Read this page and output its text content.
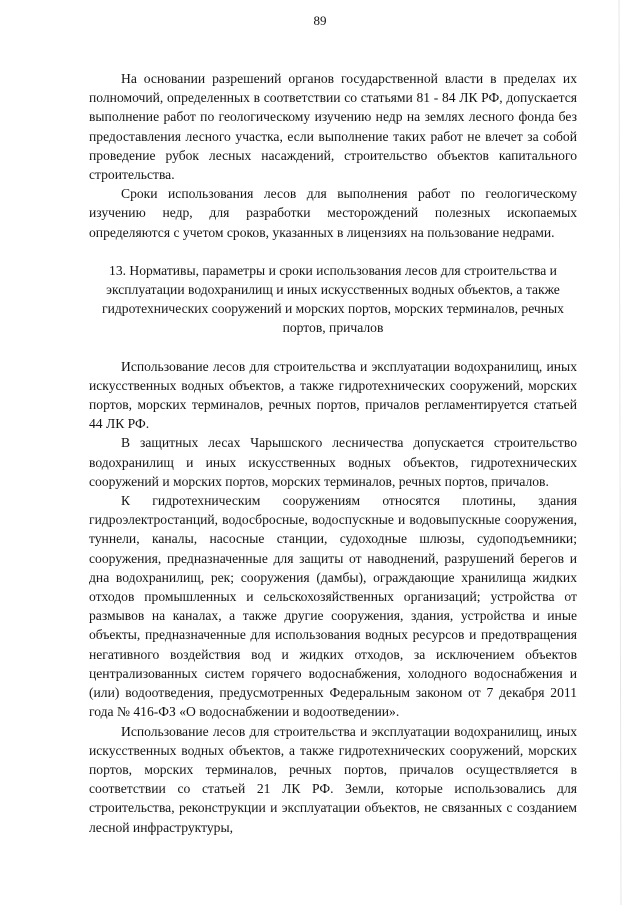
89

На основании разрешений органов государственной власти в пределах их полномочий, определенных в соответствии со статьями 81 - 84 ЛК РФ, допускается выполнение работ по геологическому изучению недр на землях лесного фонда без предоставления лесного участка, если выполнение таких работ не влечет за собой проведение рубок лесных насаждений, строительство объектов капитального строительства.

Сроки использования лесов для выполнения работ по геологическому изучению недр, для разработки месторождений полезных ископаемых определяются с учетом сроков, указанных в лицензиях на пользование недрами.

13. Нормативы, параметры и сроки использования лесов для строительства и эксплуатации водохранилищ и иных искусственных водных объектов, а также гидротехнических сооружений и морских портов, морских терминалов, речных портов, причалов

Использование лесов для строительства и эксплуатации водохранилищ, иных искусственных водных объектов, а также гидротехнических сооружений, морских портов, морских терминалов, речных портов, причалов регламентируется статьей 44 ЛК РФ.

В защитных лесах Чарышского лесничества допускается строительство водохранилищ и иных искусственных водных объектов, гидротехнических сооружений и морских портов, морских терминалов, речных портов, причалов.

К гидротехническим сооружениям относятся плотины, здания гидроэлектростанций, водосбросные, водоспускные и водовыпускные сооружения, туннели, каналы, насосные станции, судоходные шлюзы, судоподъемники; сооружения, предназначенные для защиты от наводнений, разрушений берегов и дна водохранилищ, рек; сооружения (дамбы), ограждающие хранилища жидких отходов промышленных и сельскохозяйственных организаций; устройства от размывов на каналах, а также другие сооружения, здания, устройства и иные объекты, предназначенные для использования водных ресурсов и предотвращения негативного воздействия вод и жидких отходов, за исключением объектов централизованных систем горячего водоснабжения, холодного водоснабжения и (или) водоотведения, предусмотренных Федеральным законом от 7 декабря 2011 года № 416-ФЗ «О водоснабжении и водоотведении».

Использование лесов для строительства и эксплуатации водохранилищ, иных искусственных водных объектов, а также гидротехнических сооружений, морских портов, морских терминалов, речных портов, причалов осуществляется в соответствии со статьей 21 ЛК РФ. Земли, которые использовались для строительства, реконструкции и эксплуатации объектов, не связанных с созданием лесной инфраструктуры,
